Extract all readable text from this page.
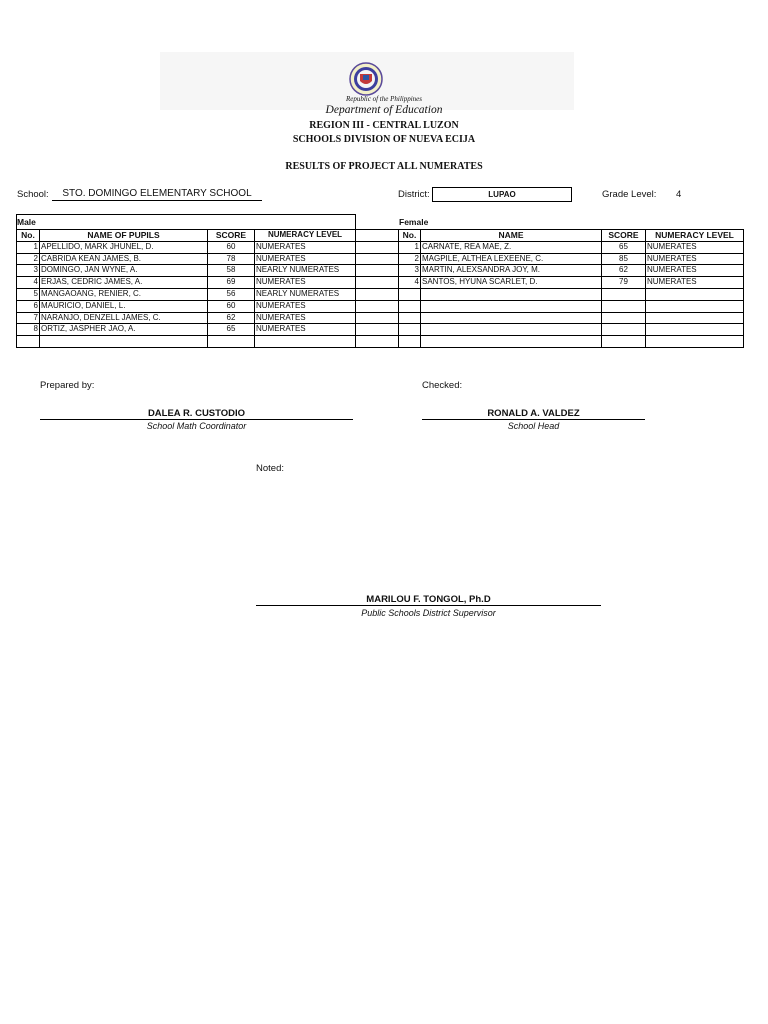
Republic of the Philippines
Department of Education
REGION III - CENTRAL LUZON
SCHOOLS DIVISION OF NUEVA ECIJA
RESULTS OF PROJECT ALL NUMERATES
School:	STO. DOMINGO ELEMENTARY SCHOOL	District:	LUPAO	Grade Level: 4
Male
No.	NAME OF PUPILS	SCORE	NUMERACY LEVEL
1	APELLIDO, MARK JHUNEL, D.	60	NUMERATES
2	CABRIDA KEAN JAMES, B.	78	NUMERATES
3	DOMINGO, JAN WYNE, A.	58	NEARLY NUMERATES
4	ERJAS, CEDRIC JAMES, A.	69	NUMERATES
5	MANGAOANG, RENIER, C.	56	NEARLY NUMERATES
6	MAURICIO, DANIEL, L.	60	NUMERATES
7	NARANJO, DENZELL JAMES, C.	62	NUMERATES
8	ORTIZ, JASPHER JAO, A.	65	NUMERATES

Female
No.	NAME	SCORE	NUMERACY LEVEL
1	CARNATE, REA MAE, Z.	65	NUMERATES
2	MAGPILE, ALTHEA LEXEENE, C.	85	NUMERATES
3	MARTIN, ALEXSANDRA JOY, M.	62	NUMERATES
4	SANTOS, HYUNA SCARLET, D.	79	NUMERATES

Prepared by:
DALEA R. CUSTODIO
School Math Coordinator
Checked:
RONALD A. VALDEZ
School Head
Noted:
MARILOU F. TONGOL, Ph.D
Public Schools District Supervisor
